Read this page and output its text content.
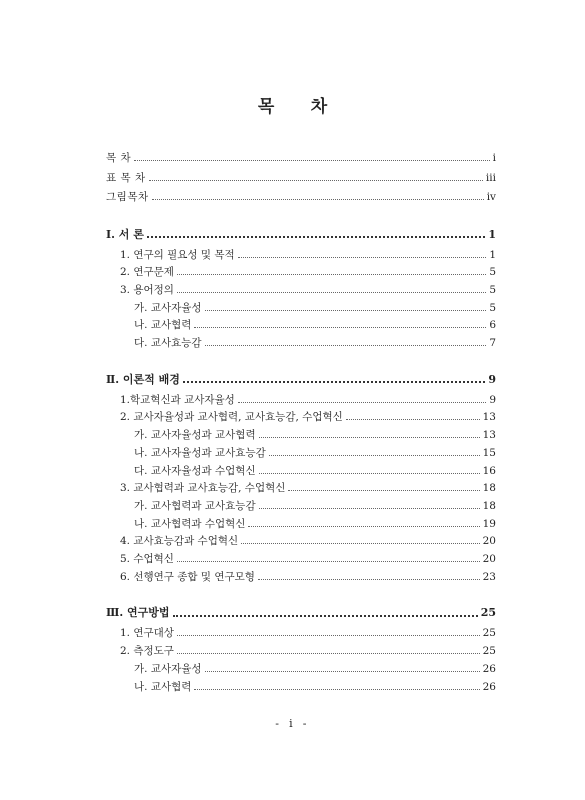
목 차
목 차	i
표 목 차	iii
그림목차	iv
Ⅰ. 서 론	1
1. 연구의 필요성 및 목적	1
2. 연구문제	5
3. 용어정의	5
가. 교사자율성	5
나. 교사협력	6
다. 교사효능감	7
Ⅱ. 이론적 배경	9
1.학교혁신과 교사자율성	9
2. 교사자율성과 교사협력, 교사효능감, 수업혁신	13
가. 교사자율성과 교사협력	13
나. 교사자율성과 교사효능감	15
다. 교사자율성과 수업혁신	16
3. 교사협력과 교사효능감, 수업혁신	18
가. 교사협력과 교사효능감	18
나. 교사협력과 수업혁신	19
4. 교사효능감과 수업혁신	20
5. 수업혁신	20
6. 선행연구 종합 및 연구모형	23
Ⅲ. 연구방법	25
1. 연구대상	25
2. 측정도구	25
가. 교사자율성	26
나. 교사협력	26
- i -
